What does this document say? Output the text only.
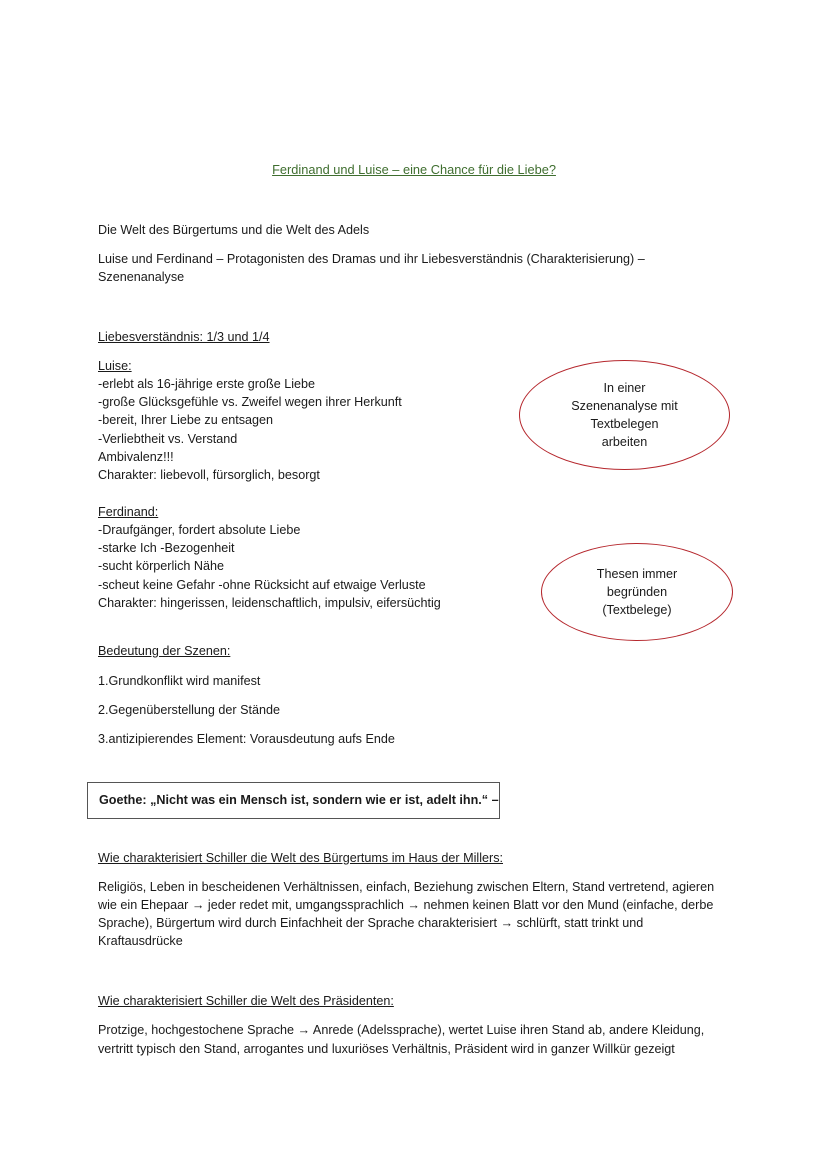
Ferdinand und Luise – eine Chance für die Liebe?
Die Welt des Bürgertums und die Welt des Adels
Luise und Ferdinand – Protagonisten des Dramas und ihr Liebesverständnis (Charakterisierung) –
Szenenanalyse
Liebesverständnis: 1/3 und 1/4
Luise:
-erlebt als 16-jährige erste große Liebe
-große Glücksgefühle vs. Zweifel wegen ihrer Herkunft
-bereit, Ihrer Liebe zu entsagen
-Verliebtheit vs. Verstand
Ambivalenz!!!
Charakter: liebevoll, fürsorglich, besorgt
In einer
Szenenanalyse mit
Textbelegen
arbeiten
Ferdinand:
-Draufgänger, fordert absolute Liebe
-starke Ich -Bezogenheit
-sucht körperlich Nähe
-scheut keine Gefahr -ohne Rücksicht auf etwaige Verluste
Charakter: hingerissen, leidenschaftlich, impulsiv, eifersüchtig
Thesen immer
begründen
(Textbelege)
Bedeutung der Szenen:
1.Grundkonflikt wird manifest
2.Gegenüberstellung der Stände
3.antizipierendes Element: Vorausdeutung aufs Ende
Goethe: „Nicht was ein Mensch ist, sondern wie er ist, adelt ihn.“ –
Wie charakterisiert Schiller die Welt des Bürgertums im Haus der Millers:
Religiös, Leben in bescheidenen Verhältnissen, einfach, Beziehung zwischen Eltern, Stand vertretend, agieren
wie ein Ehepaar → jeder redet mit, umgangssprachlich → nehmen keinen Blatt vor den Mund (einfache, derbe
Sprache), Bürgertum wird durch Einfachheit der Sprache charakterisiert → schlürft, statt trinkt und
Kraftausdrücke
Wie charakterisiert Schiller die Welt des Präsidenten:
Protzige, hochgestochene Sprache → Anrede (Adelssprache), wertet Luise ihren Stand ab, andere Kleidung,
vertritt typisch den Stand, arrogantes und luxuriöses Verhältnis, Präsident wird in ganzer Willkür gezeigt
